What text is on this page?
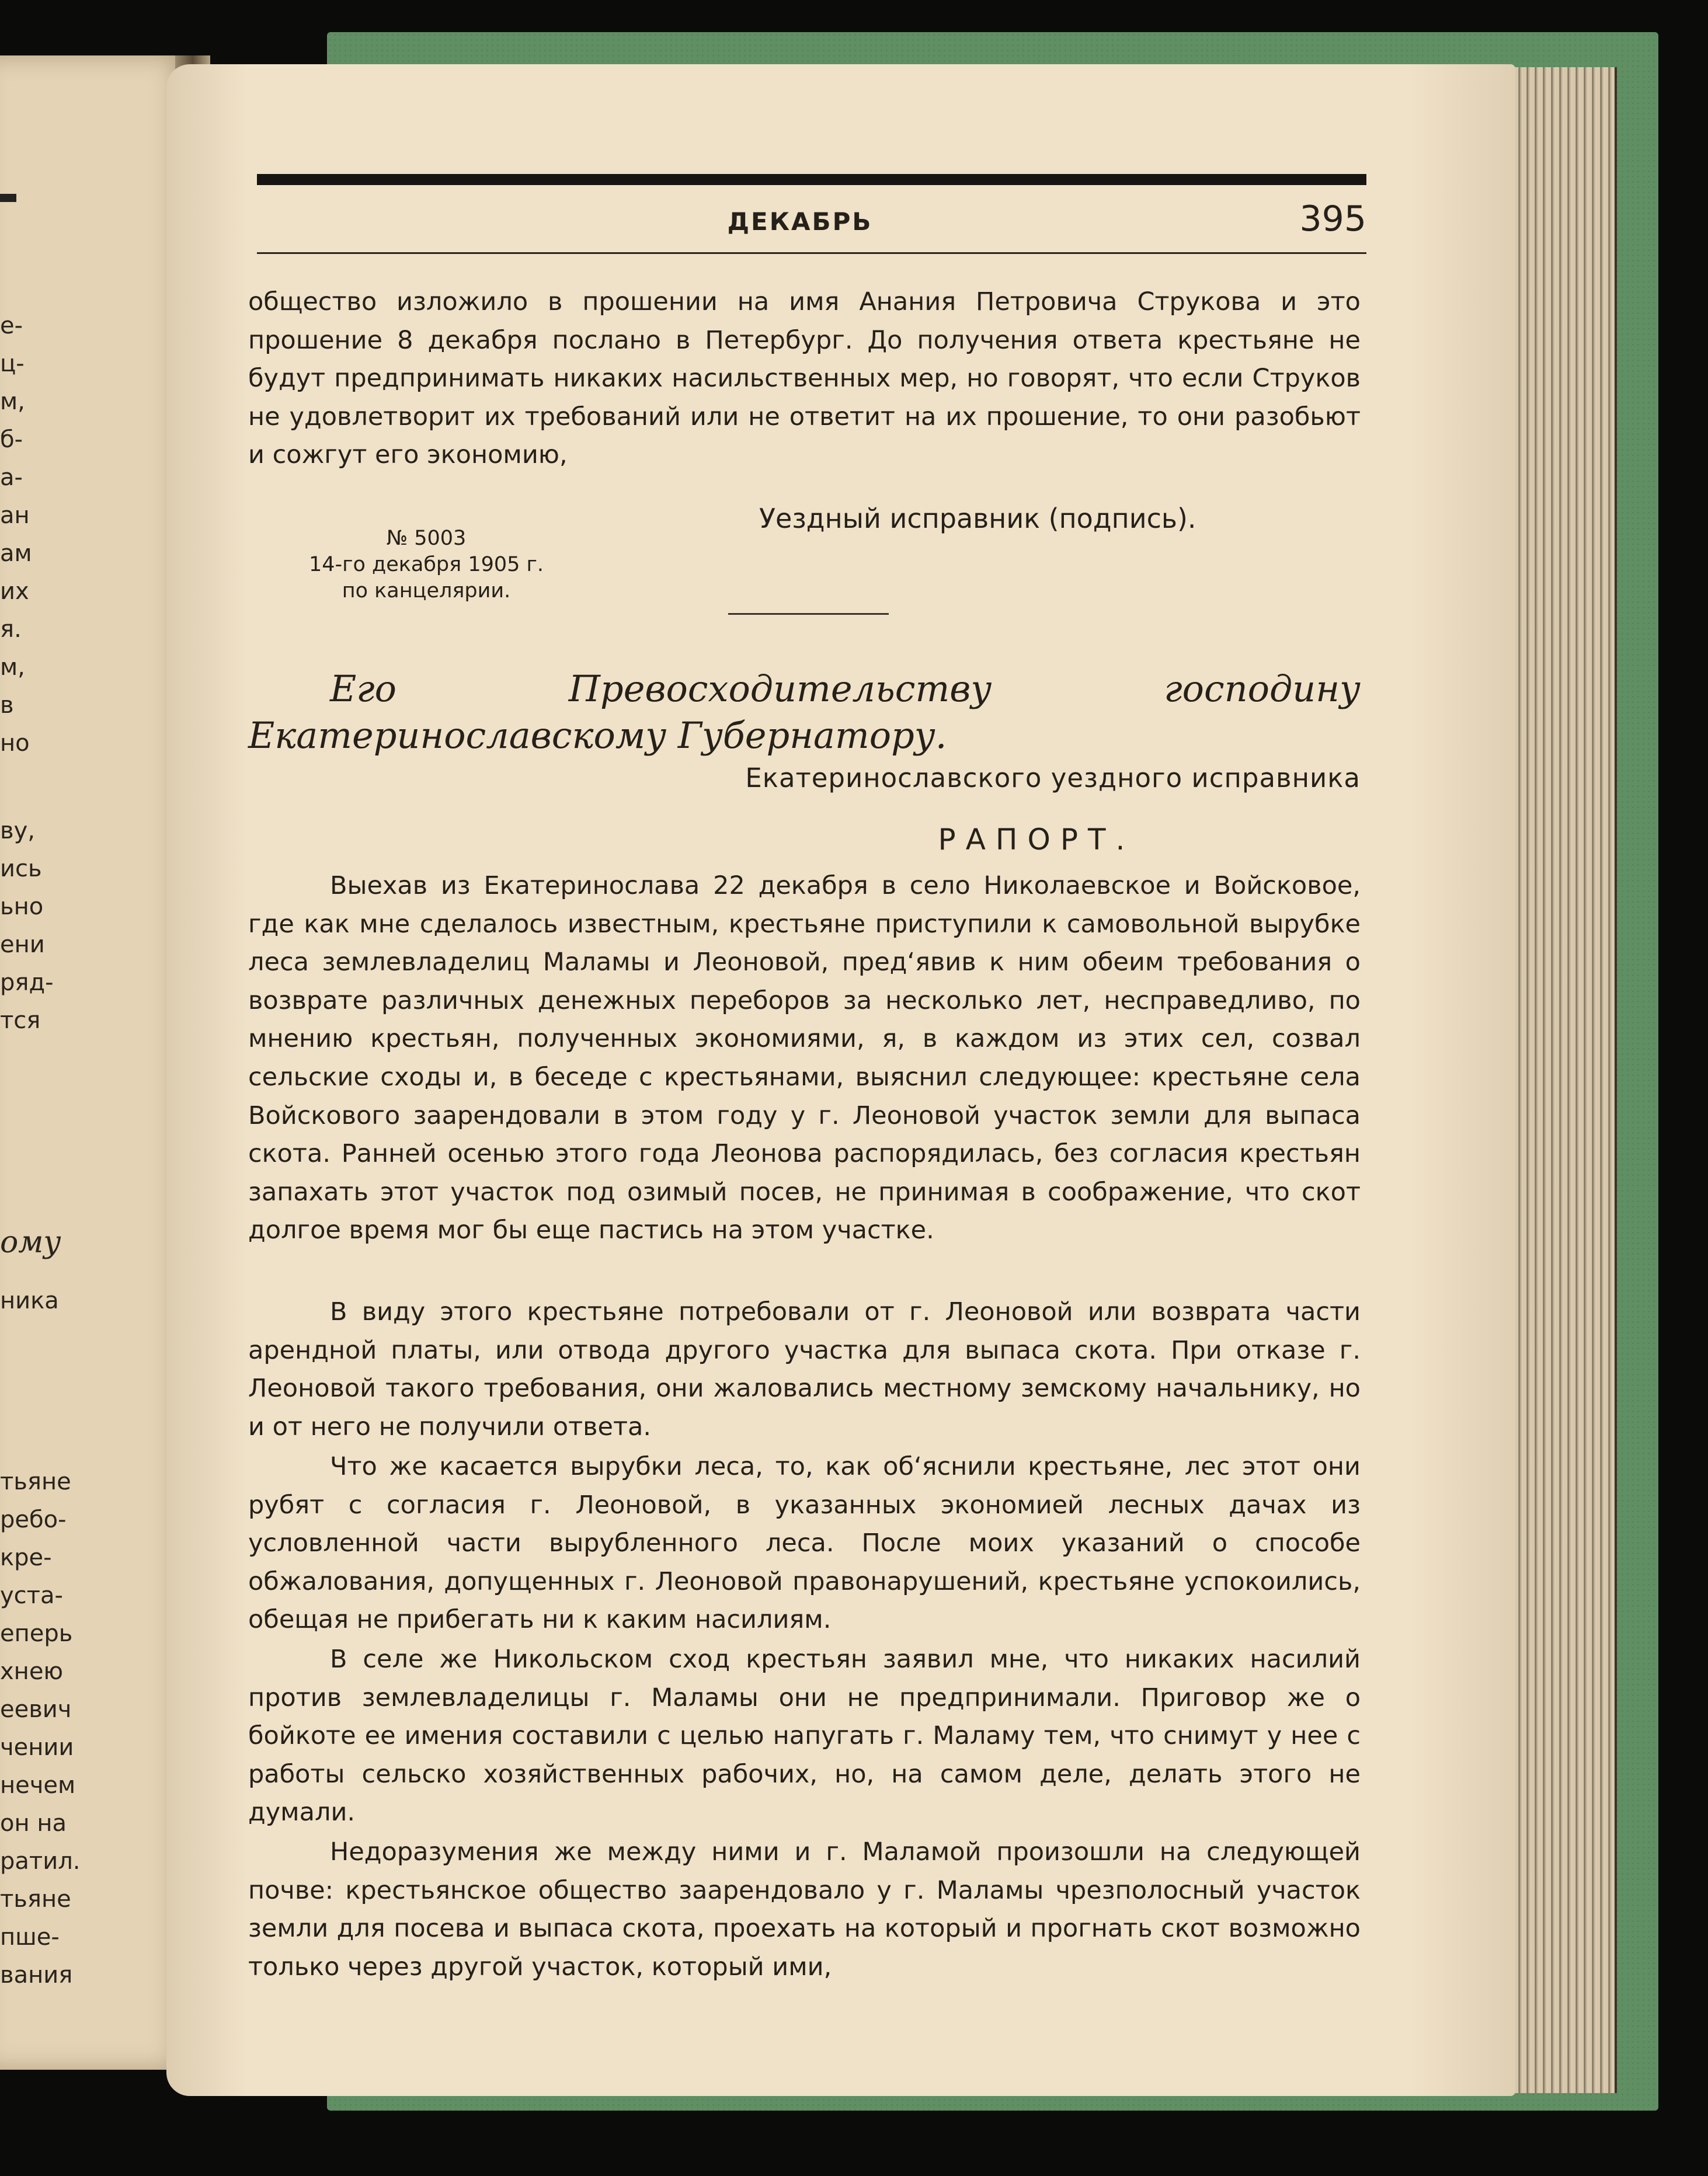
е-
ц-
м,
б-
а-
ан
ам
их
я.
м,
в
но
ву,
ись
ьно
ени
ряд-
тся
ому
ника
тьяне
ребо-
кре-
уста-
еперь
хнею
еевич
чении
нечем
он на
ратил.
тьяне
пше-
вания
ДЕКАБРЬ	395
общество изложило в прошении на имя Анания Петровича Струкова и это прошение 8 декабря послано в Петербург. До получения ответа крестьяне не будут предпринимать никаких насильственных мер, но говорят, что если Струков не удовлетворит их требований или не ответит на их прошение, то они разобьют и сожгут его экономию,
Уездный исправник (подпись).
№ 5003
14-го декабря 1905 г.
по канцелярии.
Его Превосходительству господину Екатеринославскому Губернатору.
Екатеринославского уездного исправника
РАПОРТ.
Выехав из Екатеринослава 22 декабря в село Николаевское и Войсковое, где как мне сделалось известным, крестьяне приступили к самовольной вырубке леса землевладелиц Маламы и Леоновой, пред‘явив к ним обеим требования о возврате различных денежных переборов за несколько лет, несправедливо, по мнению крестьян, полученных экономиями, я, в каждом из этих сел, созвал сельские сходы и, в беседе с крестьянами, выяснил следующее: крестьяне села Войскового заарендовали в этом году у г. Леоновой участок земли для выпаса скота. Ранней осенью этого года Леонова распорядилась, без согласия крестьян запахать этот участок под озимый посев, не принимая в соображение, что скот долгое время мог бы еще пастись на этом участке.
В виду этого крестьяне потребовали от г. Леоновой или возврата части арендной платы, или отвода другого участка для выпаса скота. При отказе г. Леоновой такого требования, они жаловались местному земскому начальнику, но и от него не получили ответа.
Что же касается вырубки леса, то, как об‘яснили крестьяне, лес этот они рубят с согласия г. Леоновой, в указанных экономией лесных дачах из условленной части вырубленного леса. После моих указаний о способе обжалования, допущенных г. Леоновой правонарушений, крестьяне успокоились, обещая не прибегать ни к каким насилиям.
В селе же Никольском сход крестьян заявил мне, что никаких насилий против землевладелицы г. Маламы они не предпринимали. Приговор же о бойкоте ее имения составили с целью напугать г. Маламу тем, что снимут у нее с работы сельско хозяйственных рабочих, но, на самом деле, делать этого не думали.
Недоразумения же между ними и г. Маламой произошли на следующей почве: крестьянское общество заарендовало у г. Маламы чрезполосный участок земли для посева и выпаса скота, проехать на который и прогнать скот возможно только через другой участок, который ими,
